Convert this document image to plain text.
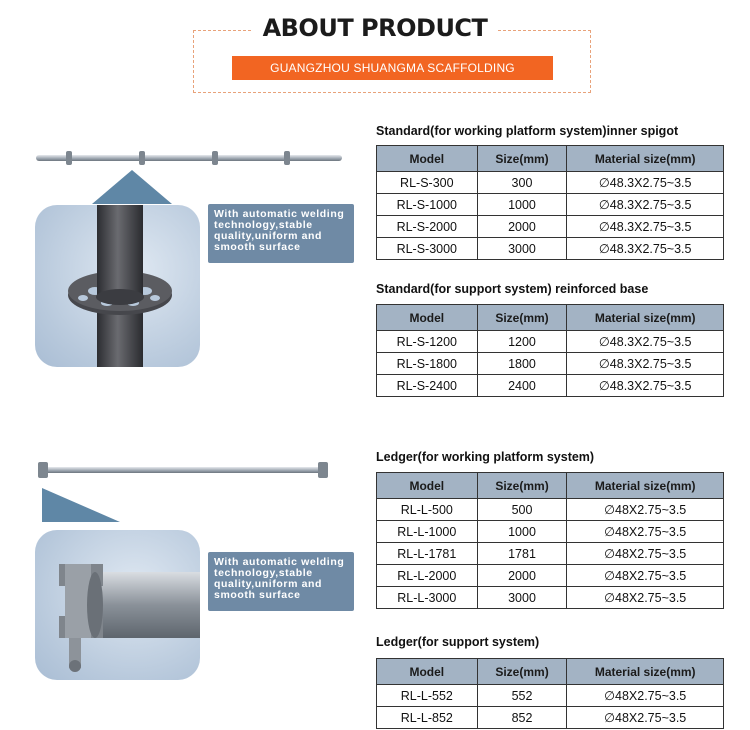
ABOUT PRODUCT
GUANGZHOU SHUANGMA SCAFFOLDING
With automatic welding technology,stable quality,uniform and smooth surface
With automatic welding technology,stable quality,uniform and smooth surface
Standard(for working platform system)inner spigot
Model	Size(mm)	Material size(mm)
RL-S-300	300	∅48.3X2.75~3.5
RL-S-1000	1000	∅48.3X2.75~3.5
RL-S-2000	2000	∅48.3X2.75~3.5
RL-S-3000	3000	∅48.3X2.75~3.5
Standard(for support system) reinforced base
Model	Size(mm)	Material size(mm)
RL-S-1200	1200	∅48.3X2.75~3.5
RL-S-1800	1800	∅48.3X2.75~3.5
RL-S-2400	2400	∅48.3X2.75~3.5
Ledger(for working platform system)
Model	Size(mm)	Material size(mm)
RL-L-500	500	∅48X2.75~3.5
RL-L-1000	1000	∅48X2.75~3.5
RL-L-1781	1781	∅48X2.75~3.5
RL-L-2000	2000	∅48X2.75~3.5
RL-L-3000	3000	∅48X2.75~3.5
Ledger(for support system)
Model	Size(mm)	Material size(mm)
RL-L-552	552	∅48X2.75~3.5
RL-L-852	852	∅48X2.75~3.5
